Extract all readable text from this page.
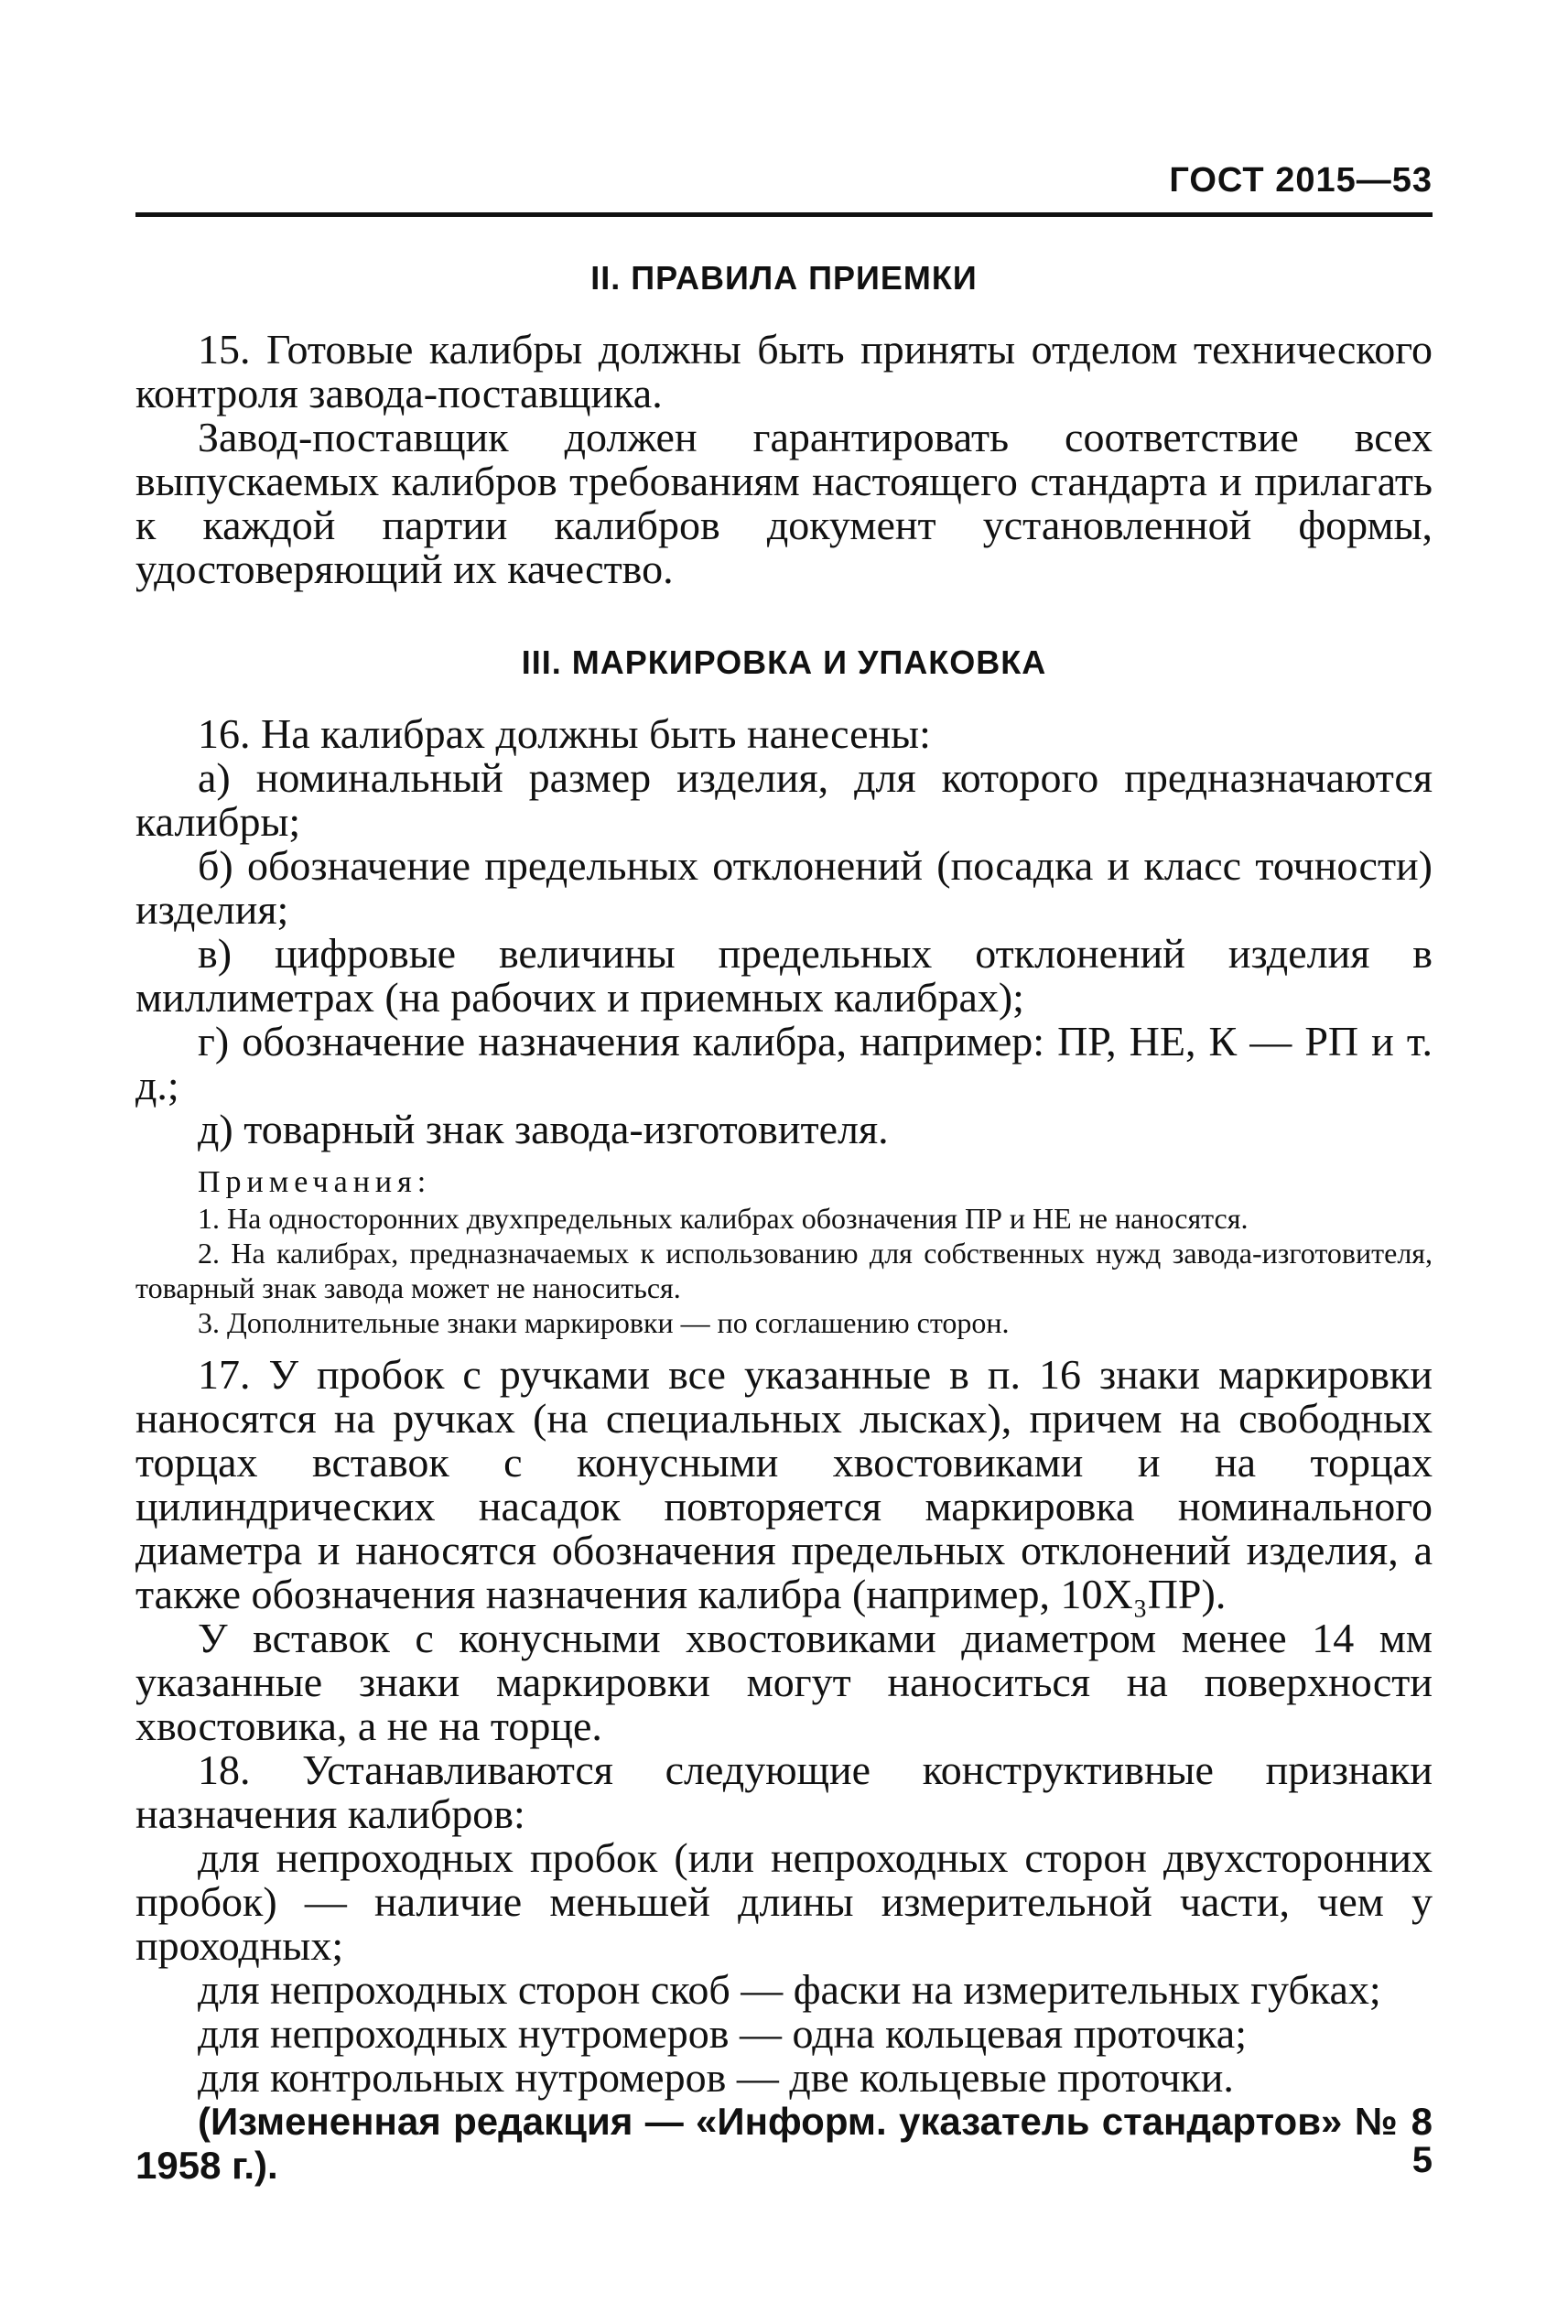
ГОСТ 2015—53
II. ПРАВИЛА ПРИЕМКИ

15. Готовые калибры должны быть приняты отделом технического контроля завода-поставщика.

Завод-поставщик должен гарантировать соответствие всех выпускаемых калибров требованиям настоящего стандарта и прилагать к каждой партии калибров документ установленной формы, удостоверяющий их качество.

III. МАРКИРОВКА И УПАКОВКА

16. На калибрах должны быть нанесены:

а) номинальный размер изделия, для которого предназначаются калибры;

б) обозначение предельных отклонений (посадка и класс точности) изделия;

в) цифровые величины предельных отклонений изделия в миллиметрах (на рабочих и приемных калибрах);

г) обозначение назначения калибра, например: ПР, НЕ, К — РП и т. д.;

д) товарный знак завода-изготовителя.

Примечания:

1. На односторонних двухпредельных калибрах обозначения ПР и НЕ не наносятся.

2. На калибрах, предназначаемых к использованию для собственных нужд завода-изготовителя, товарный знак завода может не наноситься.

3. Дополнительные знаки маркировки — по соглашению сторон.

17. У пробок с ручками все указанные в п. 16 знаки маркировки наносятся на ручках (на специальных лысках), причем на свободных торцах вставок с конусными хвостовиками и на торцах цилиндрических насадок повторяется маркировка номинального диаметра и наносятся обозначения предельных отклонений изделия, а также обозначения назначения калибра (например, 10Х₃ПР).

У вставок с конусными хвостовиками диаметром менее 14 мм указанные знаки маркировки могут наноситься на поверхности хвостовика, а не на торце.

18. Устанавливаются следующие конструктивные признаки назначения калибров:

для непроходных пробок (или непроходных сторон двухсторонних пробок) — наличие меньшей длины измерительной части, чем у проходных;

для непроходных сторон скоб — фаски на измерительных губках;

для непроходных нутромеров — одна кольцевая проточка;

для контрольных нутромеров — две кольцевые проточки.

(Измененная редакция — «Информ. указатель стандартов» № 8 1958 г.).	5
